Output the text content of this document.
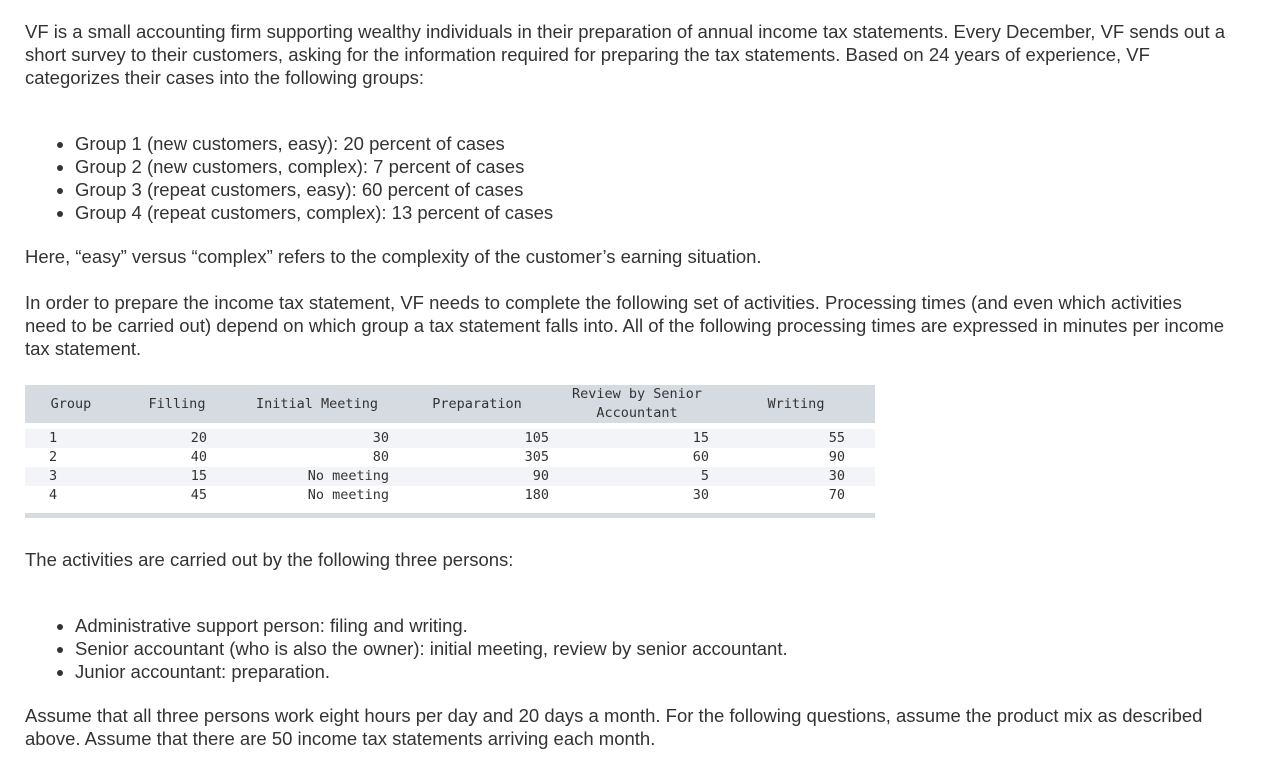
VF is a small accounting firm supporting wealthy individuals in their preparation of annual income tax statements. Every December, VF sends out a short survey to their customers, asking for the information required for preparing the tax statements. Based on 24 years of experience, VF categorizes their cases into the following groups:

• Group 1 (new customers, easy): 20 percent of cases
• Group 2 (new customers, complex): 7 percent of cases
• Group 3 (repeat customers, easy): 60 percent of cases
• Group 4 (repeat customers, complex): 13 percent of cases

Here, “easy” versus “complex” refers to the complexity of the customer’s earning situation.

In order to prepare the income tax statement, VF needs to complete the following set of activities. Processing times (and even which activities need to be carried out) depend on which group a tax statement falls into. All of the following processing times are expressed in minutes per income tax statement.

Group	Filling	Initial Meeting	Preparation	Review by Senior Accountant	Writing

1	20	30	105	15	55
2	40	80	305	60	90
3	15	No meeting	90	5	30
4	45	No meeting	180	30	70

The activities are carried out by the following three persons:

• Administrative support person: filing and writing.
• Senior accountant (who is also the owner): initial meeting, review by senior accountant.
• Junior accountant: preparation.

Assume that all three persons work eight hours per day and 20 days a month. For the following questions, assume the product mix as described above. Assume that there are 50 income tax statements arriving each month.
